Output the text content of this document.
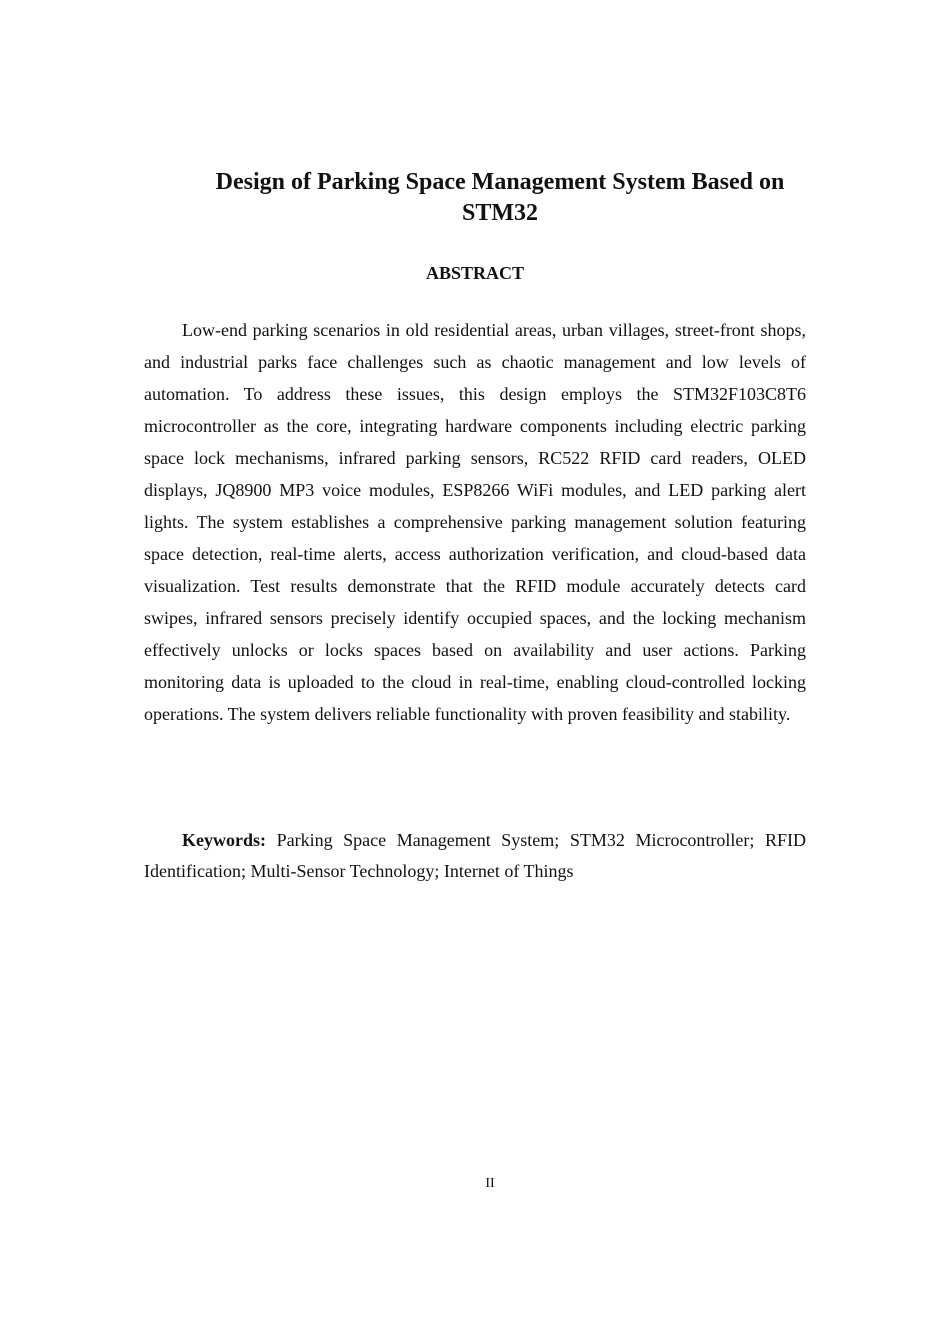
Design of Parking Space Management System Based on STM32
ABSTRACT

Low-end parking scenarios in old residential areas, urban villages, street-front shops, and industrial parks face challenges such as chaotic management and low levels of automation. To address these issues, this design employs the STM32F103C8T6 microcontroller as the core, integrating hardware components including electric parking space lock mechanisms, infrared parking sensors, RC522 RFID card readers, OLED displays, JQ8900 MP3 voice modules, ESP8266 WiFi modules, and LED parking alert lights. The system establishes a comprehensive parking management solution featuring space detection, real-time alerts, access authorization verification, and cloud-based data visualization. Test results demonstrate that the RFID module accurately detects card swipes, infrared sensors precisely identify occupied spaces, and the locking mechanism effectively unlocks or locks spaces based on availability and user actions. Parking monitoring data is uploaded to the cloud in real-time, enabling cloud-controlled locking operations. The system delivers reliable functionality with proven feasibility and stability.

Keywords: Parking Space Management System; STM32 Microcontroller; RFID Identification; Multi-Sensor Technology; Internet of Things

II
